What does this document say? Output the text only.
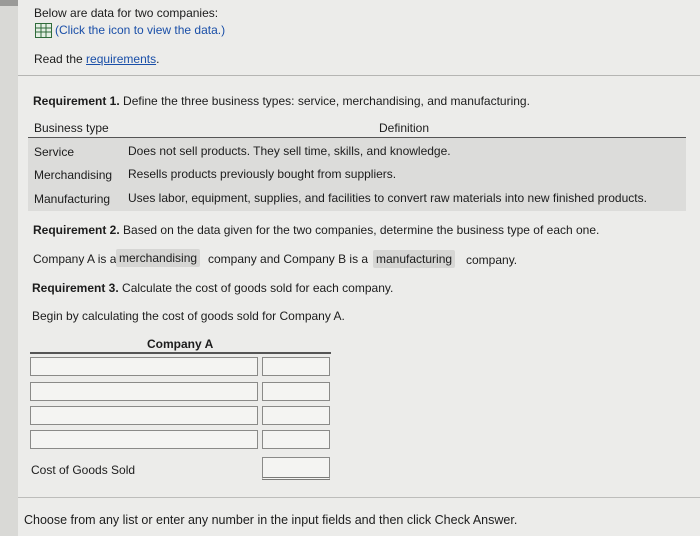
Below are data for two companies:
(Click the icon to view the data.)
Read the requirements.
Requirement 1. Define the three business types: service, merchandising, and manufacturing.
Business type	Definition
Service	Does not sell products. They sell time, skills, and knowledge.
Merchandising Resells products previously bought from suppliers.
Manufacturing Uses labor, equipment, supplies, and facilities to convert raw materials into new finished products.
Requirement 2. Based on the data given for the two companies, determine the business type of each one.
Company A is a merchandising company and Company B is a manufacturing company.
Requirement 3. Calculate the cost of goods sold for each company.
Begin by calculating the cost of goods sold for Company A.
Company A
Cost of Goods Sold
Choose from any list or enter any number in the input fields and then click Check Answer.
